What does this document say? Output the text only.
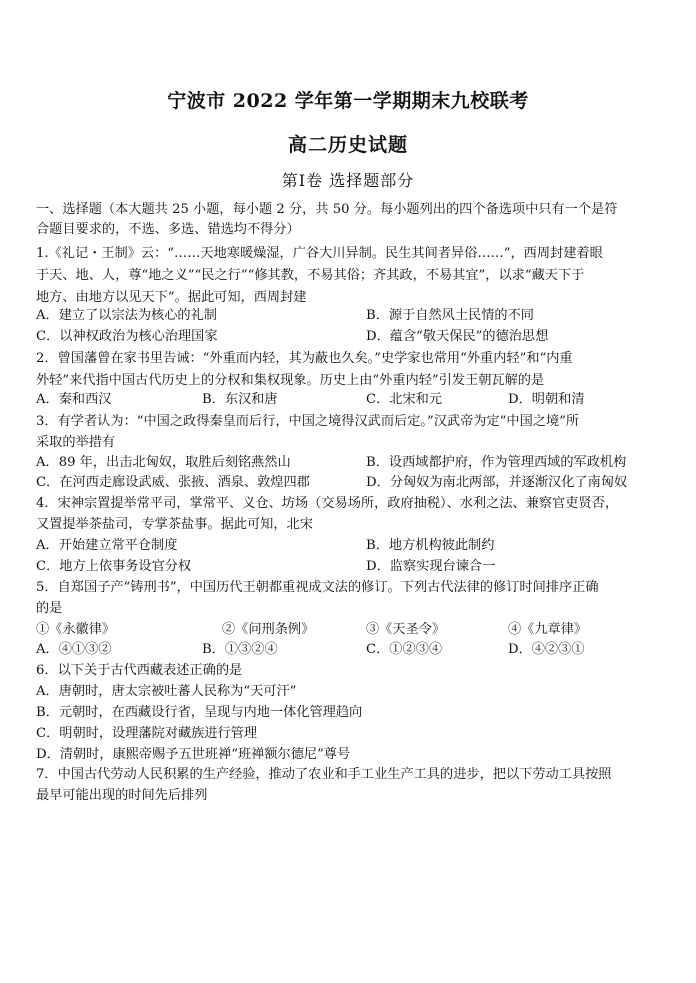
宁波市 2022 学年第一学期期末九校联考
高二历史试题
第Ⅰ卷 选择题部分
一、选择题（本大题共 25 小题，每小题 2 分，共 50 分。每小题列出的四个备选项中只有一个是符
合题目要求的，不选、多选、错选均不得分）
1.《礼记・王制》云：“……天地寒暖燥湿，广谷大川异制。民生其间者异俗……”，西周封建着眼
于天、地、人，尊“地之义”“民之行”“修其教，不易其俗；齐其政，不易其宜”，以求“藏天下于
地方、由地方以见天下”。据此可知，西周封建
A．建立了以宗法为核心的礼制	B．源于自然风土民情的不同
C．以神权政治为核心治理国家	D．蕴含“敬天保民”的德治思想
2．曾国藩曾在家书里告诫：“外重而内轻，其为蔽也久矣。”史学家也常用“外重内轻”和“内重
外轻”来代指中国古代历史上的分权和集权现象。历史上由“外重内轻”引发王朝瓦解的是
A．秦和西汉	B．东汉和唐	C．北宋和元	D．明朝和清
3．有学者认为：“中国之政得秦皇而后行，中国之境得汉武而后定。”汉武帝为定“中国之境”所
采取的举措有
A．89 年，出击北匈奴，取胜后刻铭燕然山	B．设西域都护府，作为管理西域的军政机构
C．在河西走廊设武威、张掖、酒泉、敦煌四郡	D．分匈奴为南北两部，并逐渐汉化了南匈奴
4．宋神宗置提举常平司，掌常平、义仓、坊场（交易场所，政府抽税）、水利之法、兼察官吏贤否，
又置提举茶盐司，专掌茶盐事。据此可知，北宋
A．开始建立常平仓制度	B．地方机构彼此制约
C．地方上依事务设官分权	D．监察实现台谏合一
5．自郑国子产“铸刑书”，中国历代王朝都重视成文法的修订。下列古代法律的修订时间排序正确
的是
①《永徽律》	②《问刑条例》	③《天圣令》	④《九章律》
A．④①③②	B．①③②④	C．①②③④	D．④②③①
6．以下关于古代西藏表述正确的是
A．唐朝时，唐太宗被吐蕃人民称为“天可汗”
B．元朝时，在西藏设行省，呈现与内地一体化管理趋向
C．明朝时，设理藩院对藏族进行管理
D．清朝时，康熙帝赐予五世班禅“班禅额尔德尼”尊号
7．中国古代劳动人民积累的生产经验，推动了农业和手工业生产工具的进步，把以下劳动工具按照
最早可能出现的时间先后排列
